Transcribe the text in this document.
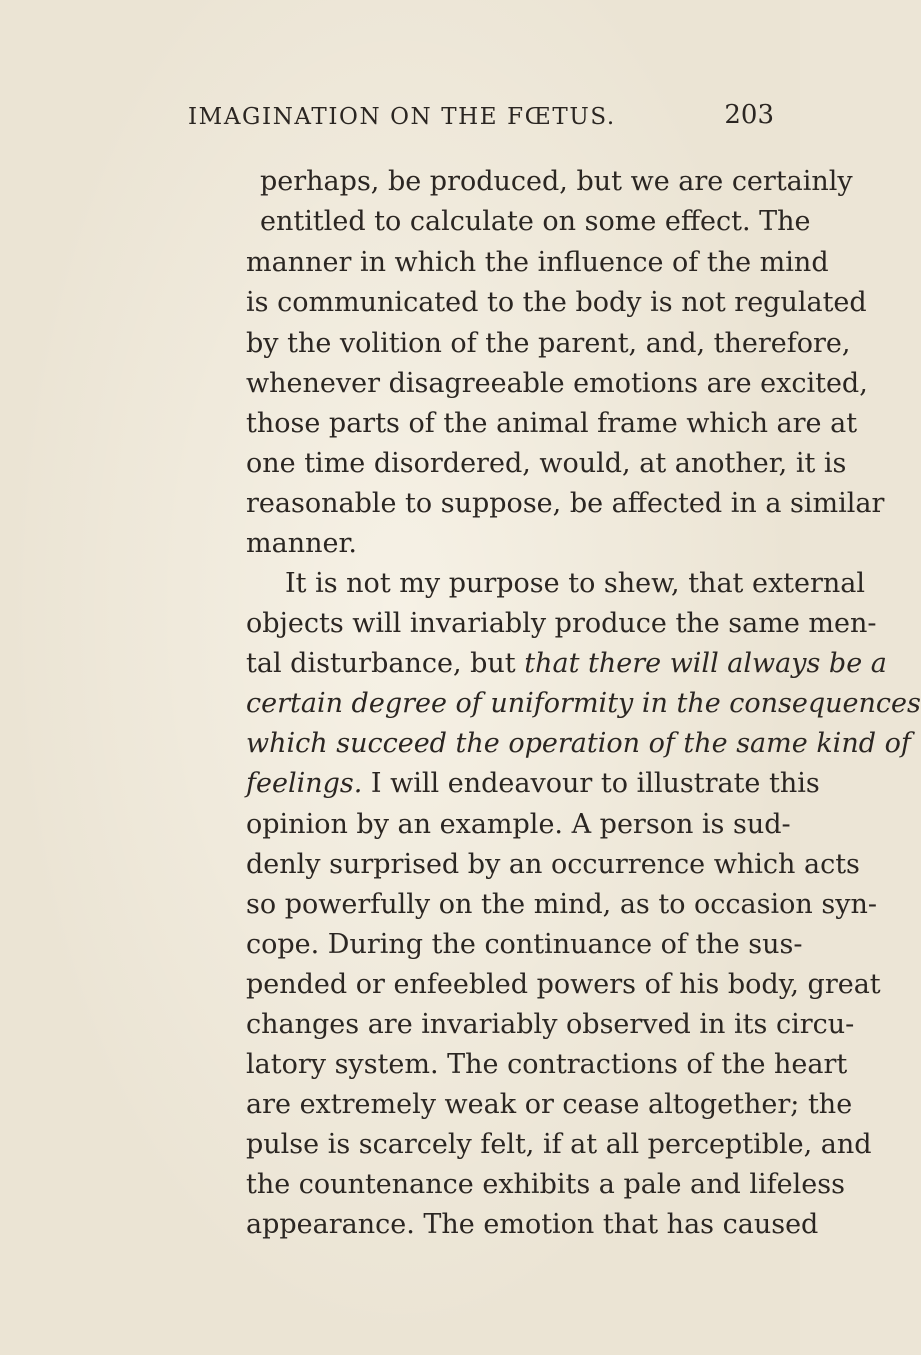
IMAGINATION ON THE FŒTUS.	203
perhaps, be produced, but we are certainly
entitled to calculate on some effect. The
manner in which the influence of the mind
is communicated to the body is not regulated
by the volition of the parent, and, therefore,
whenever disagreeable emotions are excited,
those parts of the animal frame which are at
one time disordered, would, at another, it is
reasonable to suppose, be affected in a similar
manner.
It is not my purpose to shew, that external
objects will invariably produce the same men-
tal disturbance, but that there will always be a
certain degree of uniformity in the consequences
which succeed the operation of the same kind of
feelings. I will endeavour to illustrate this
opinion by an example. A person is sud-
denly surprised by an occurrence which acts
so powerfully on the mind, as to occasion syn-
cope. During the continuance of the sus-
pended or enfeebled powers of his body, great
changes are invariably observed in its circu-
latory system. The contractions of the heart
are extremely weak or cease altogether; the
pulse is scarcely felt, if at all perceptible, and
the countenance exhibits a pale and lifeless
appearance. The emotion that has caused
